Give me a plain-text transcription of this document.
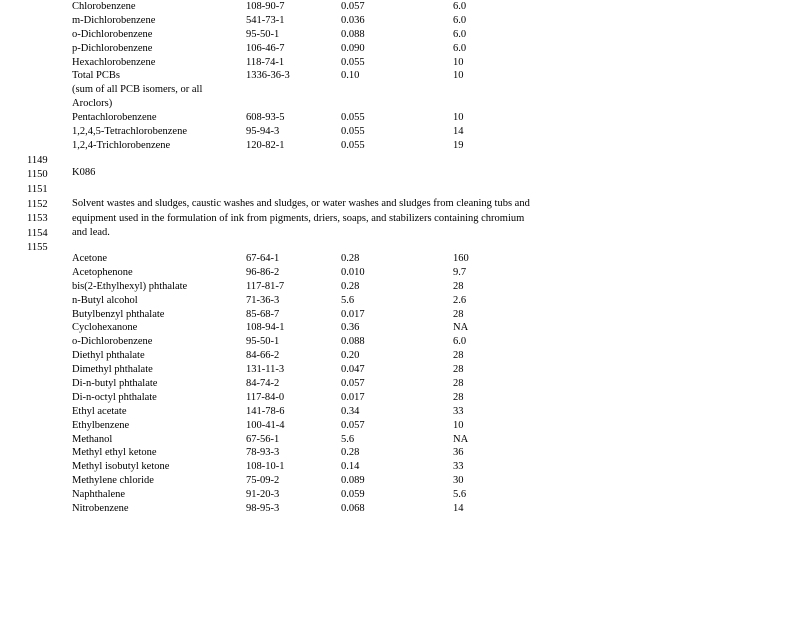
Chlorobenzene	108-90-7	0.057	6.0
m-Dichlorobenzene	541-73-1	0.036	6.0
o-Dichlorobenzene	95-50-1	0.088	6.0
p-Dichlorobenzene	106-46-7	0.090	6.0
Hexachlorobenzene	118-74-1	0.055	10
Total PCBs	1336-36-3	0.10	10
(sum of all PCB isomers, or all
Aroclors)
Pentachlorobenzene	608-93-5	0.055	10
1,2,4,5-Tetrachlorobenzene	95-94-3	0.055	14
1,2,4-Trichlorobenzene	120-82-1	0.055	19
1149
1150
1151
1152
1153
1154
1155
K086
Solvent wastes and sludges, caustic washes and sludges, or water washes and sludges from cleaning tubs and equipment used in the formulation of ink from pigments, driers, soaps, and stabilizers containing chromium and lead.
Acetone	67-64-1	0.28	160
Acetophenone	96-86-2	0.010	9.7
bis(2-Ethylhexyl) phthalate	117-81-7	0.28	28
n-Butyl alcohol	71-36-3	5.6	2.6
Butylbenzyl phthalate	85-68-7	0.017	28
Cyclohexanone	108-94-1	0.36	NA
o-Dichlorobenzene	95-50-1	0.088	6.0
Diethyl phthalate	84-66-2	0.20	28
Dimethyl phthalate	131-11-3	0.047	28
Di-n-butyl phthalate	84-74-2	0.057	28
Di-n-octyl phthalate	117-84-0	0.017	28
Ethyl acetate	141-78-6	0.34	33
Ethylbenzene	100-41-4	0.057	10
Methanol	67-56-1	5.6	NA
Methyl ethyl ketone	78-93-3	0.28	36
Methyl isobutyl ketone	108-10-1	0.14	33
Methylene chloride	75-09-2	0.089	30
Naphthalene	91-20-3	0.059	5.6
Nitrobenzene	98-95-3	0.068	14
